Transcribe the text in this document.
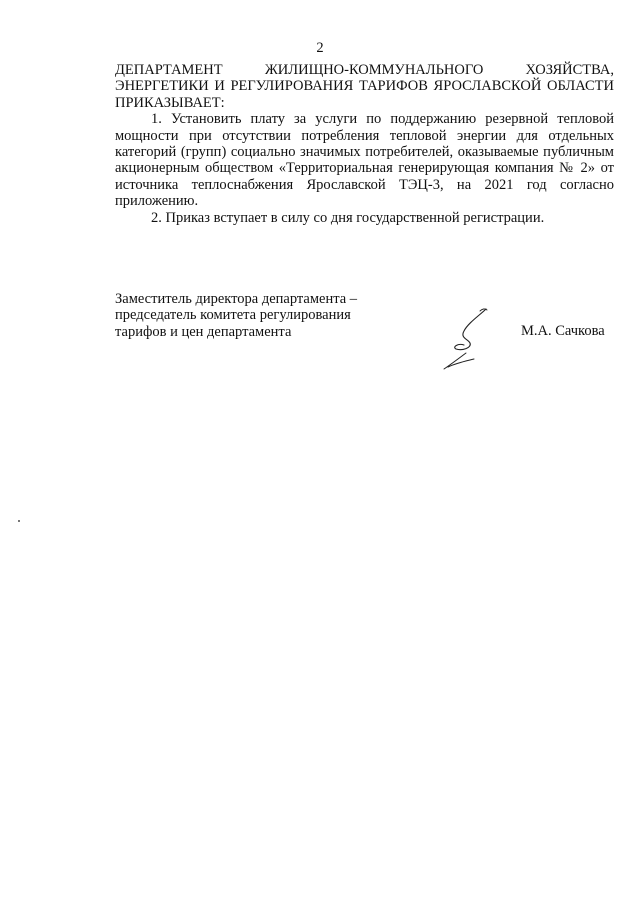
2

ДЕПАРТАМЕНТ ЖИЛИЩНО-КОММУНАЛЬНОГО ХОЗЯЙСТВА, ЭНЕРГЕТИКИ И РЕГУЛИРОВАНИЯ ТАРИФОВ ЯРОСЛАВСКОЙ ОБЛАСТИ ПРИКАЗЫВАЕТ:

1. Установить плату за услуги по поддержанию резервной тепловой мощности при отсутствии потребления тепловой энергии для отдельных категорий (групп) социально значимых потребителей, оказываемые публичным акционерным обществом «Территориальная генерирующая компания № 2» от источника теплоснабжения Ярославской ТЭЦ-3, на 2021 год согласно приложению.

2. Приказ вступает в силу со дня государственной регистрации.

Заместитель директора департамента –
председатель комитета регулирования
тарифов и цен департамента	М.А. Сачкова
